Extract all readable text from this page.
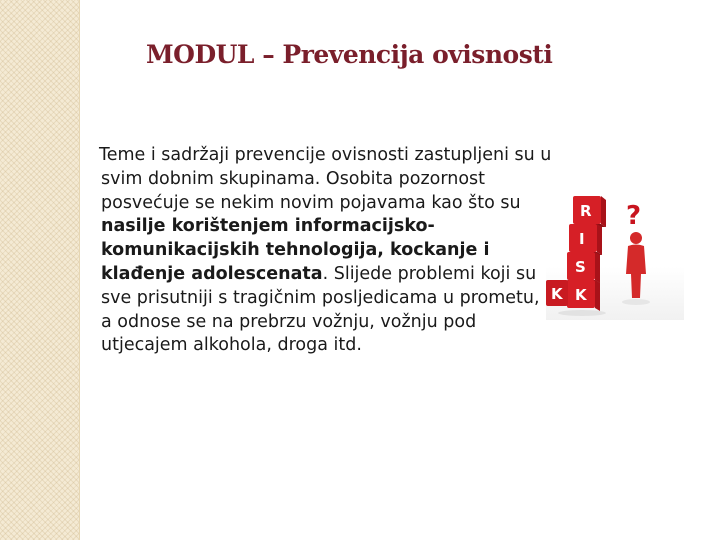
MODUL – Prevencija ovisnosti

Teme i sadržaji prevencije ovisnosti zastupljeni su u svim dobnim skupinama. Osobita pozornost posvećuje se nekim novim pojavama kao što su nasilje korištenjem informacijsko-komunikacijskih tehnologija, kockanje i klađenje adolescenata. Slijede problemi koji su sve prisutniji s tragičnim posljedicama u prometu, a odnose se na prebrzu vožnju, vožnju pod utjecajem alkohola, droga itd.

R
I
S
K
K
?
